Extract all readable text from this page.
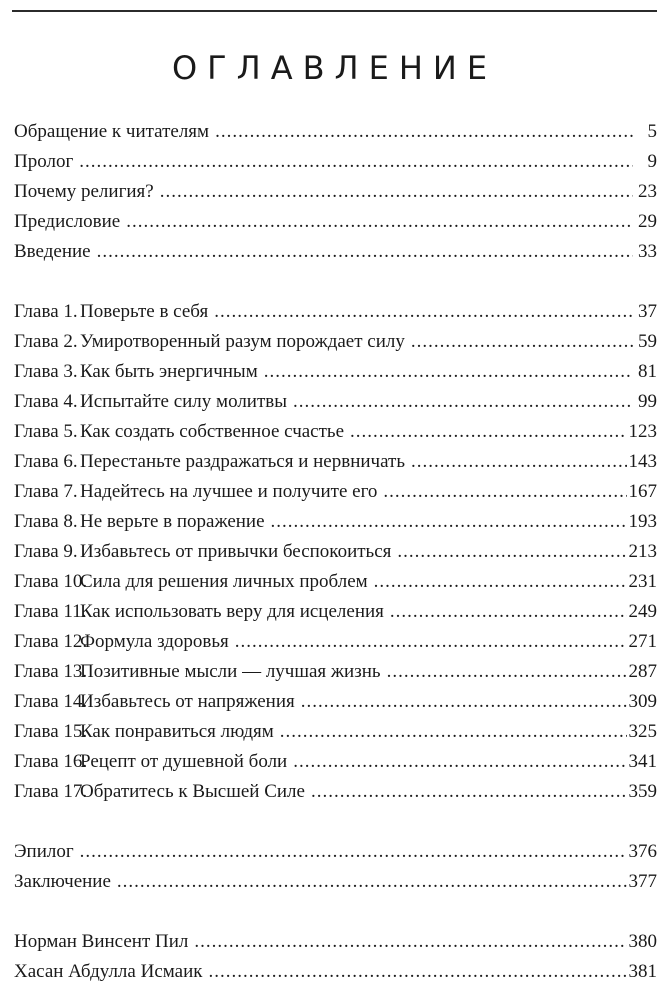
ОГЛАВЛЕНИЕ
Обращение к читателям .....	5
Пролог .....	9
Почему религия? .....	23
Предисловие .....	29
Введение .....	33
Глава 1. Поверьте в себя .....	37
Глава 2. Умиротворенный разум порождает силу .....	59
Глава 3. Как быть энергичным .....	81
Глава 4. Испытайте силу молитвы .....	99
Глава 5. Как создать собственное счастье .....	123
Глава 6. Перестаньте раздражаться и нервничать .....	143
Глава 7. Надейтесь на лучшее и получите его .....	167
Глава 8. Не верьте в поражение .....	193
Глава 9. Избавьтесь от привычки беспокоиться .....	213
Глава 10.Сила для решения личных проблем .....	231
Глава 11.Как использовать веру для исцеления .....	249
Глава 12.Формула здоровья .....	271
Глава 13.Позитивные мысли — лучшая жизнь .....	287
Глава 14.Избавьтесь от напряжения .....	309
Глава 15.Как понравиться людям .....	325
Глава 16.Рецепт от душевной боли .....	341
Глава 17.Обратитесь к Высшей Силе .....	359
Эпилог .....	376
Заключение .....	377
Норман Винсент Пил .....	380
Хасан Абдулла Исмаик .....	381
